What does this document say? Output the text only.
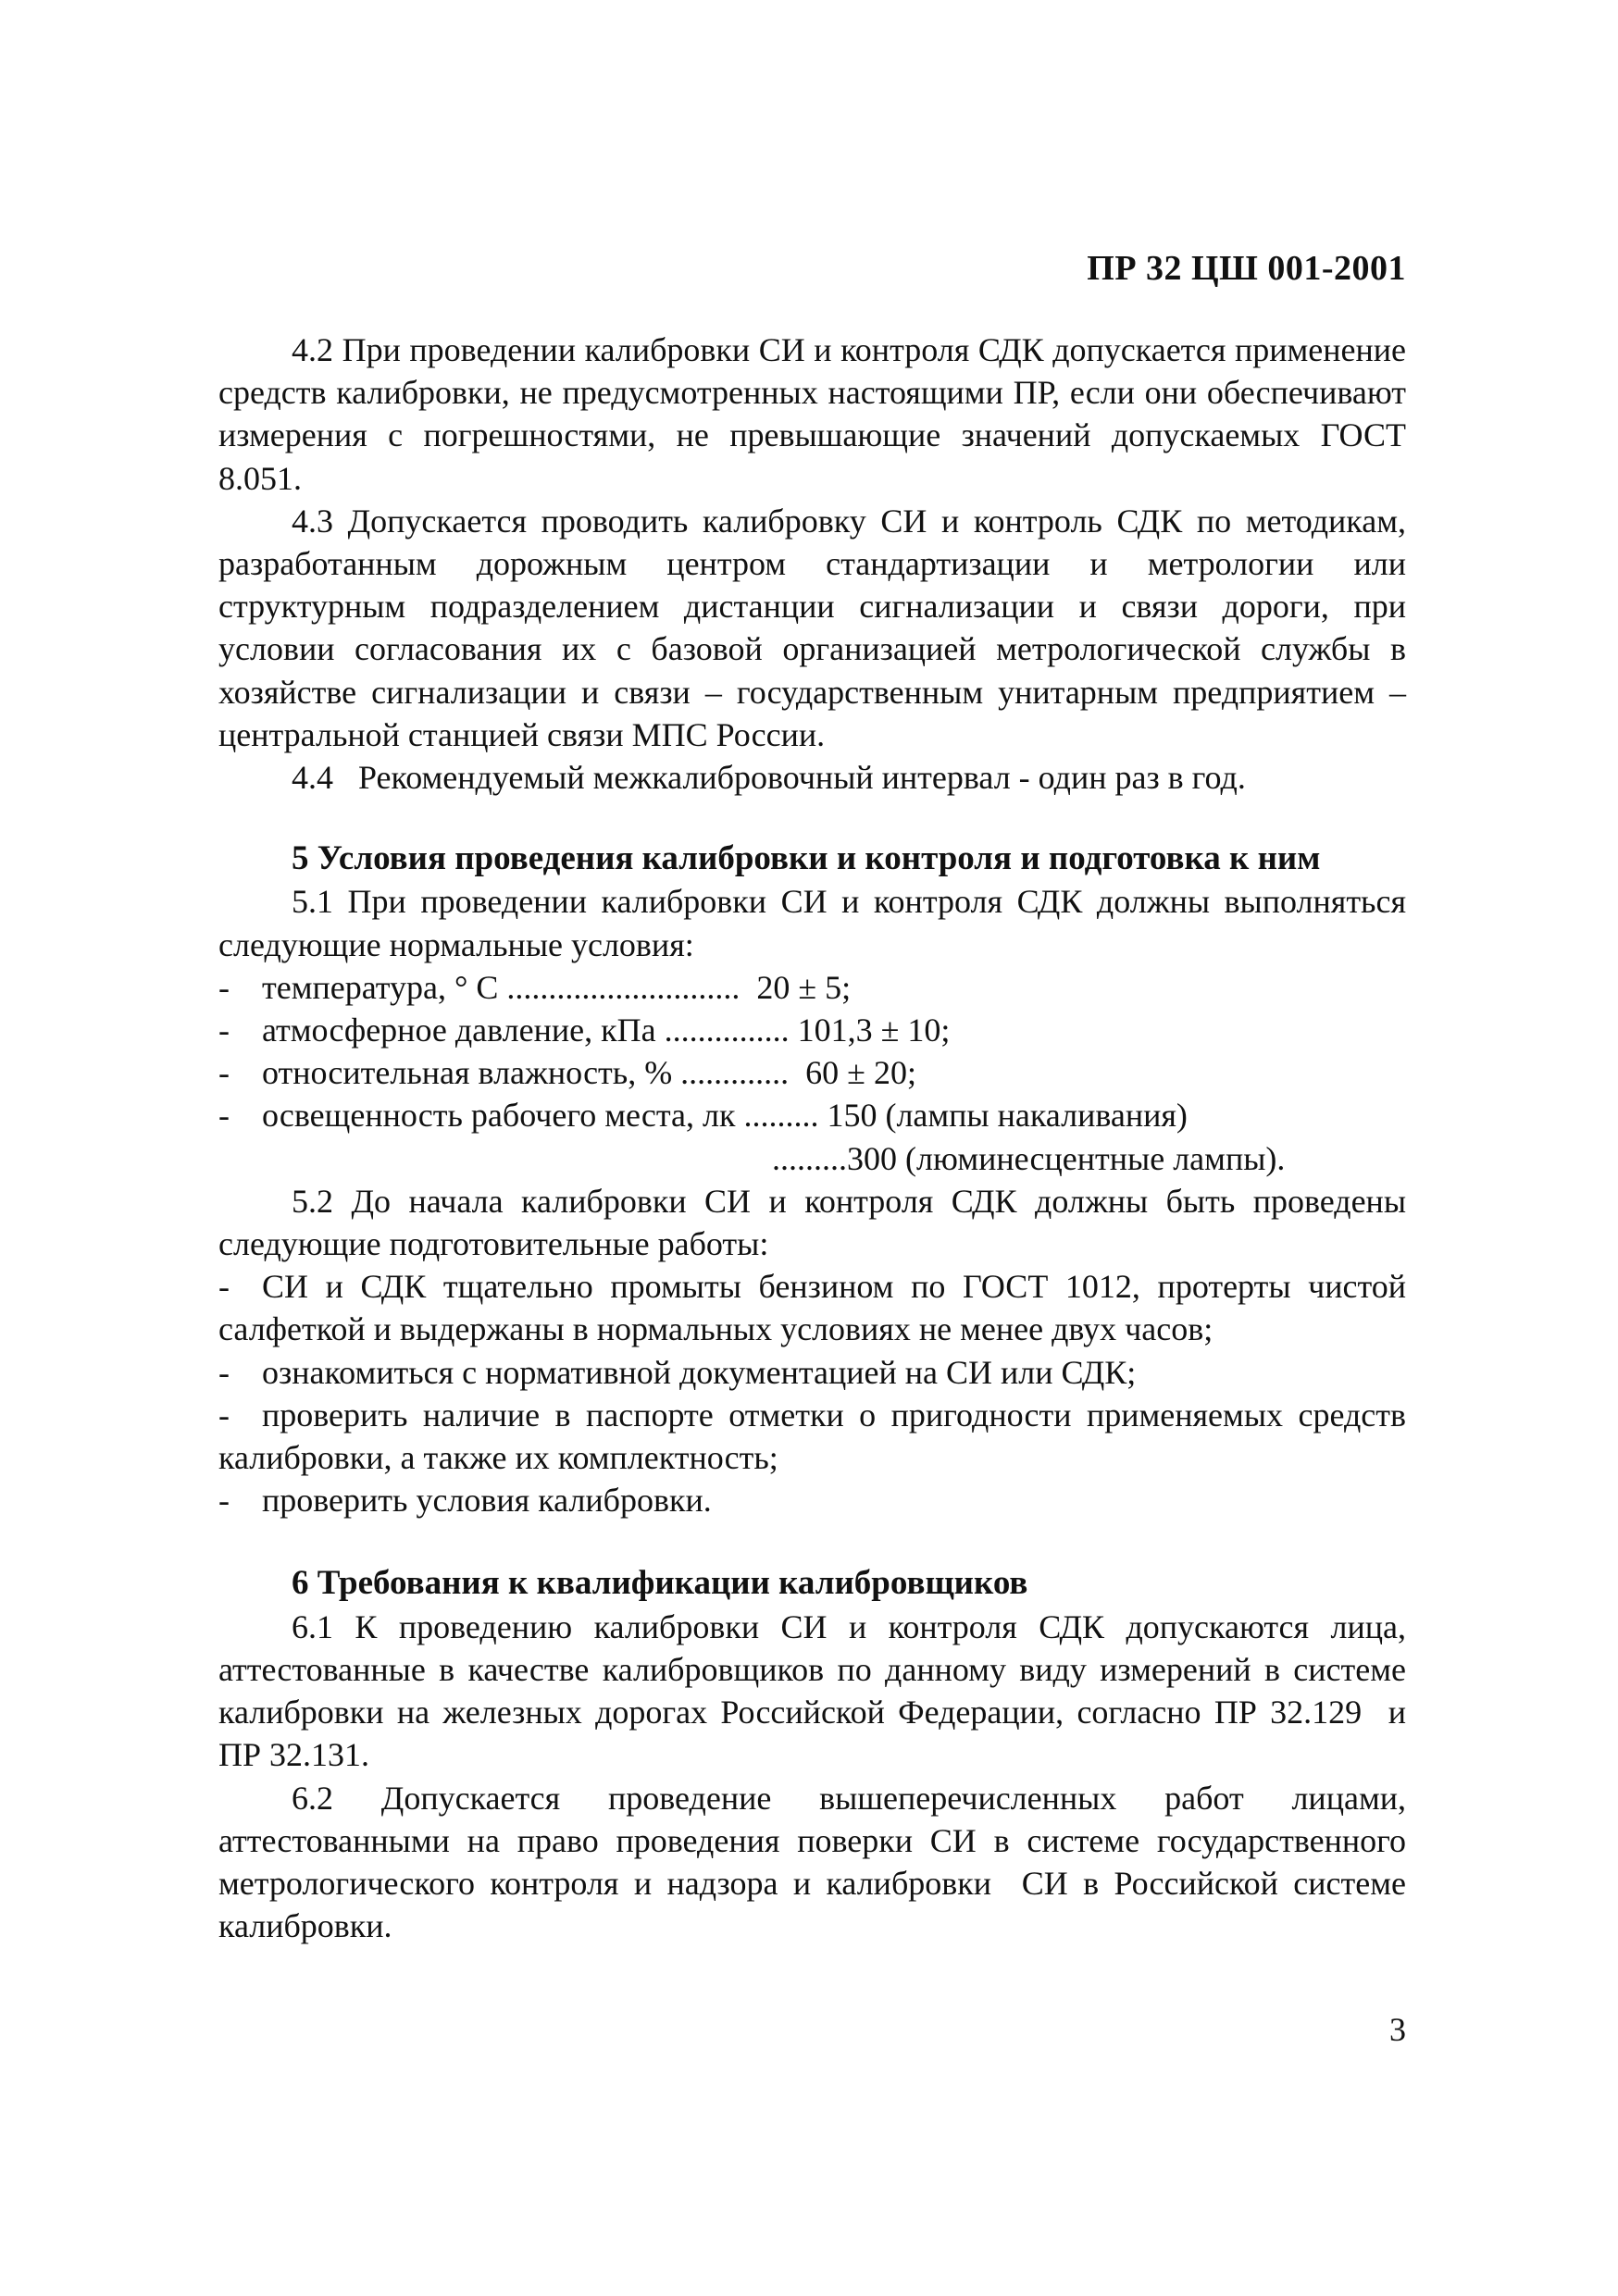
ПР 32 ЦШ 001-2001

4.2 При проведении калибровки СИ и контроля СДК допускается применение средств калибровки, не предусмотренных настоящими ПР, если они обеспечивают измерения с погрешностями, не превышающие значений допускаемых ГОСТ 8.051.

4.3 Допускается проводить калибровку СИ и контроль СДК по методикам, разработанным дорожным центром стандартизации и метрологии или структурным подразделением дистанции сигнализации и связи дороги, при условии согласования их с базовой организацией метрологической службы в хозяйстве сигнализации и связи – государственным унитарным предприятием – центральной станцией связи МПС России.

4.4   Рекомендуемый межкалибровочный интервал - один раз в год.

5 Условия проведения калибровки и контроля и подготовка к ним

5.1 При проведении калибровки СИ и контроля СДК должны выполняться следующие нормальные условия:

- температура, ° С ............................  20 ± 5;

- атмосферное давление, кПа ............... 101,3 ± 10;

- относительная влажность, % .............  60 ± 20;

- освещенность рабочего места, лк ......... 150 (лампы накаливания)

.........300 (люминесцентные лампы).

5.2 До начала калибровки СИ и контроля СДК должны быть проведены следующие подготовительные работы:

- СИ и СДК тщательно промыты бензином по ГОСТ 1012, протерты чистой салфеткой и выдержаны в нормальных условиях не менее двух часов;

- ознакомиться с нормативной документацией на СИ или СДК;

- проверить наличие в паспорте отметки о пригодности применяемых средств калибровки, а также их комплектность;

- проверить условия калибровки.

6 Требования к квалификации калибровщиков

6.1 К проведению калибровки СИ и контроля СДК допускаются лица, аттестованные в качестве калибровщиков по данному виду измерений в системе калибровки на железных дорогах Российской Федерации, согласно ПР 32.129  и  ПР 32.131.

6.2 Допускается проведение вышеперечисленных работ лицами, аттестованными на право проведения поверки СИ в системе государственного метрологического контроля и надзора и калибровки  СИ в Российской системе калибровки.

3
